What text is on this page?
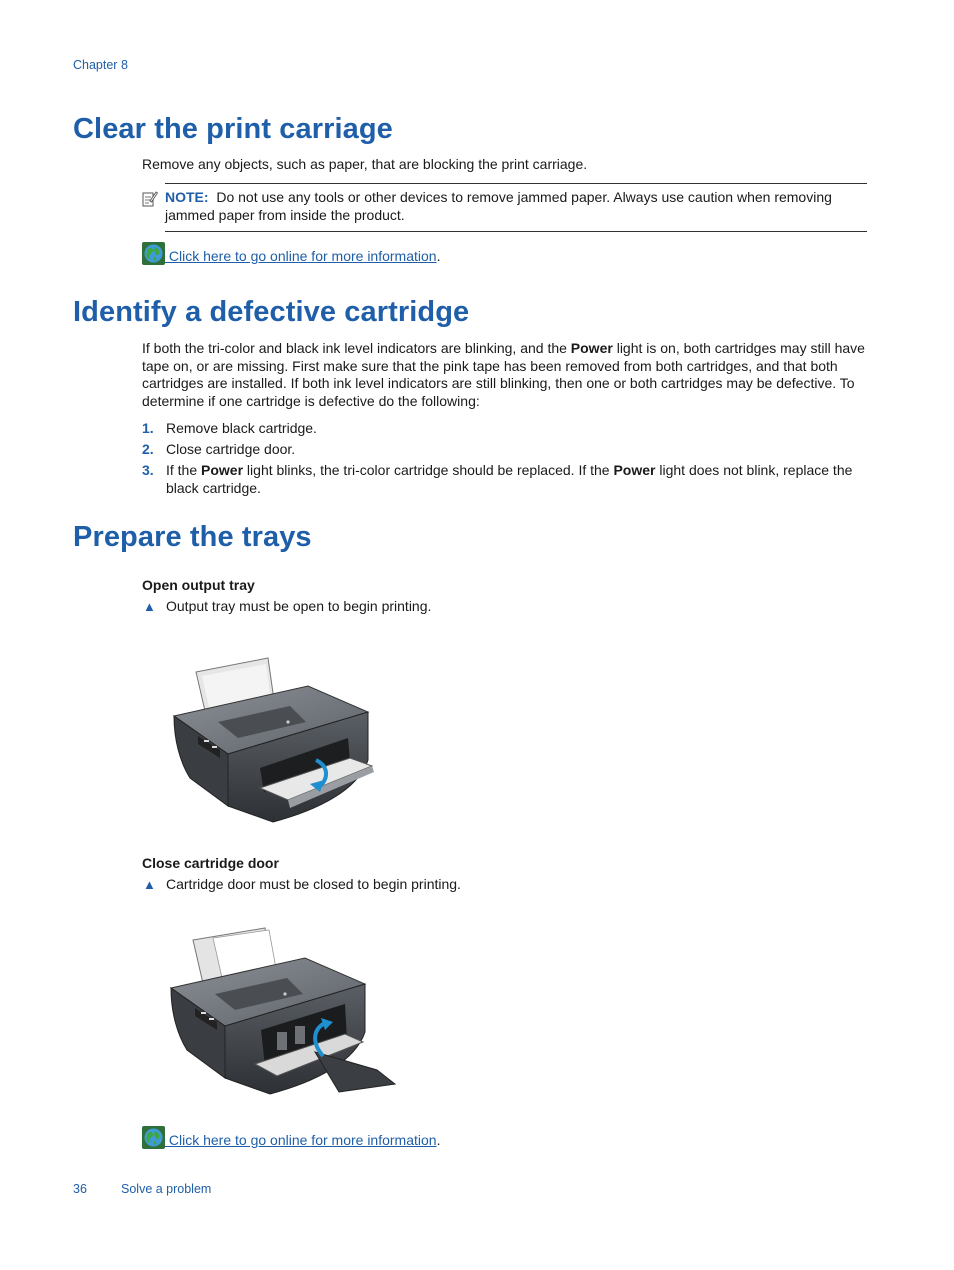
Chapter 8
Clear the print carriage
Remove any objects, such as paper, that are blocking the print carriage.
NOTE: Do not use any tools or other devices to remove jammed paper. Always use caution when removing jammed paper from inside the product.
Click here to go online for more information.
Identify a defective cartridge
If both the tri-color and black ink level indicators are blinking, and the Power light is on, both cartridges may still have tape on, or are missing. First make sure that the pink tape has been removed from both cartridges, and that both cartridges are installed. If both ink level indicators are still blinking, then one or both cartridges may be defective. To determine if one cartridge is defective do the following:
1. Remove black cartridge.
2. Close cartridge door.
3. If the Power light blinks, the tri-color cartridge should be replaced. If the Power light does not blink, replace the black cartridge.
Prepare the trays
Open output tray
▲ Output tray must be open to begin printing.
Close cartridge door
▲ Cartridge door must be closed to begin printing.
Click here to go online for more information.
36	Solve a problem
